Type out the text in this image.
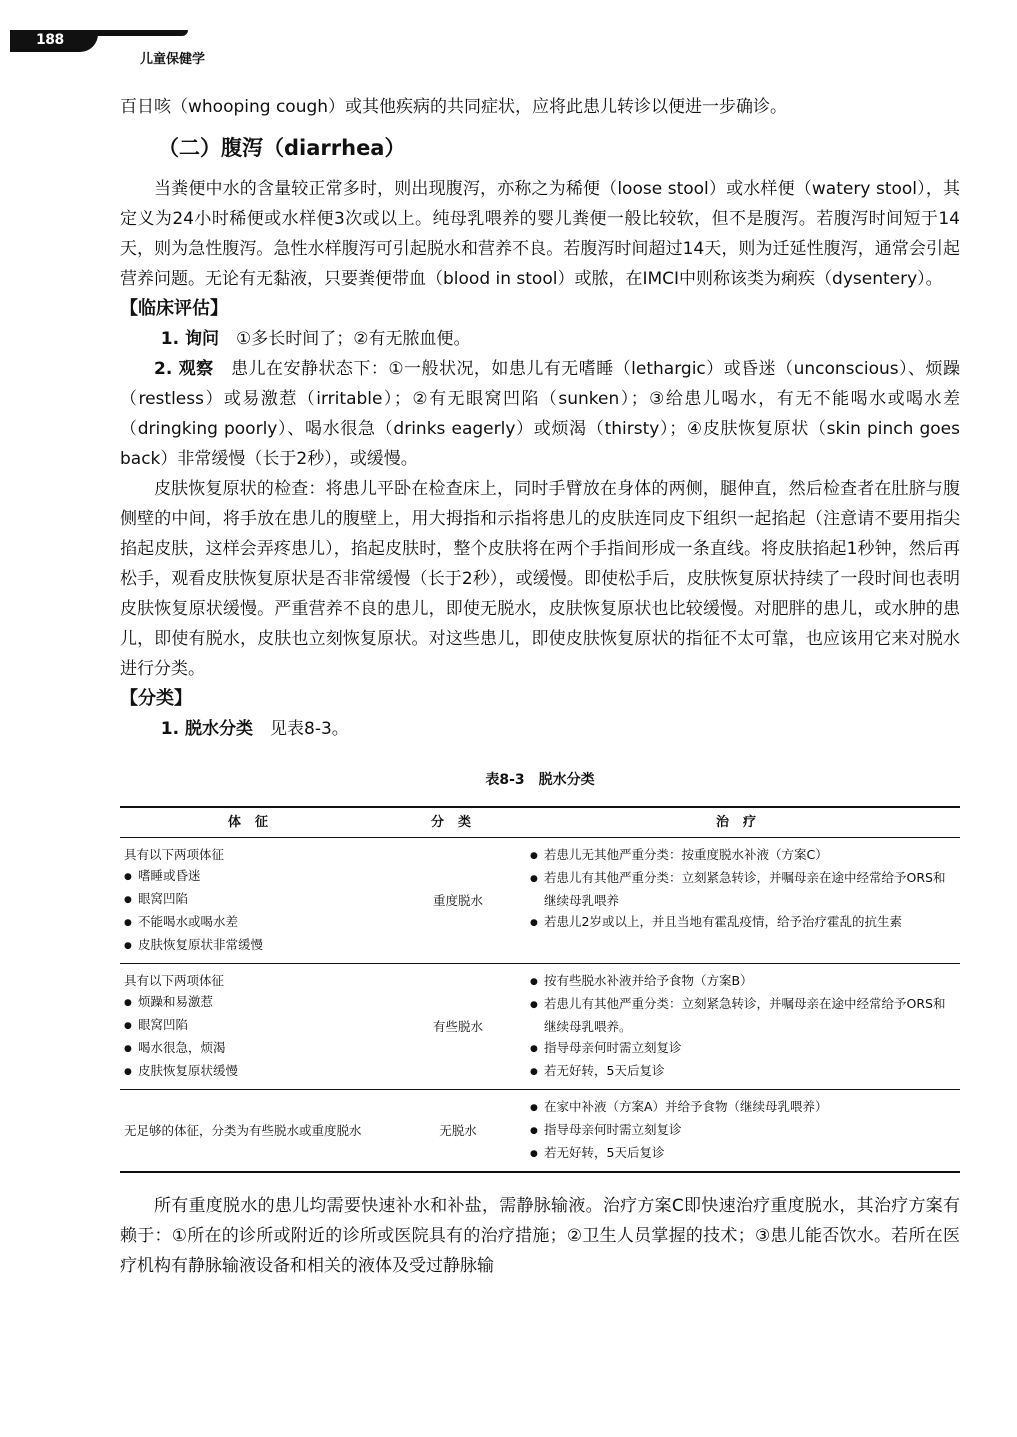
188
儿童保健学

百日咳（whooping cough）或其他疾病的共同症状，应将此患儿转诊以便进一步确诊。

（二）腹泻（diarrhea）

当粪便中水的含量较正常多时，则出现腹泻，亦称之为稀便（loose stool）或水样便（watery stool），其定义为24小时稀便或水样便3次或以上。纯母乳喂养的婴儿粪便一般比较软，但不是腹泻。若腹泻时间短于14天，则为急性腹泻。急性水样腹泻可引起脱水和营养不良。若腹泻时间超过14天，则为迁延性腹泻，通常会引起营养问题。无论有无黏液，只要粪便带血（blood in stool）或脓，在IMCI中则称该类为痢疾（dysentery）。

【临床评估】

1. 询问　 ①多长时间了；②有无脓血便。

2. 观察　 患儿在安静状态下：①一般状况，如患儿有无嗜睡（lethargic）或昏迷（unconscious）、烦躁（restless）或易激惹（irritable）；②有无眼窝凹陷（sunken）；③给患儿喝水，有无不能喝水或喝水差（dringking poorly）、喝水很急（drinks eagerly）或烦渴（thirsty）；④皮肤恢复原状（skin pinch goes back）非常缓慢（长于2秒），或缓慢。

皮肤恢复原状的检查：将患儿平卧在检查床上，同时手臂放在身体的两侧，腿伸直，然后检查者在肚脐与腹侧壁的中间，将手放在患儿的腹壁上，用大拇指和示指将患儿的皮肤连同皮下组织一起掐起（注意请不要用指尖掐起皮肤，这样会弄疼患儿），掐起皮肤时，整个皮肤将在两个手指间形成一条直线。将皮肤掐起1秒钟，然后再松手，观看皮肤恢复原状是否非常缓慢（长于2秒），或缓慢。即使松手后，皮肤恢复原状持续了一段时间也表明皮肤恢复原状缓慢。严重营养不良的患儿，即使无脱水，皮肤恢复原状也比较缓慢。对肥胖的患儿，或水肿的患儿，即使有脱水，皮肤也立刻恢复原状。对这些患儿，即使皮肤恢复原状的指征不太可靠，也应该用它来对脱水进行分类。

【分类】

1. 脱水分类　 见表8-3。

表8-3　脱水分类
体征	分类	治疗
具有以下两项体征

● 嗜睡或昏迷
● 眼窝凹陷
● 不能喝水或喝水差
● 皮肤恢复原状非常缓慢	重度脱水	● 若患儿无其他严重分类：按重度脱水补液（方案C）
● 若患儿有其他严重分类：立刻紧急转诊，并嘱母亲在途中经常给予ORS和继续母乳喂养
● 若患儿2岁或以上，并且当地有霍乱疫情，给予治疗霍乱的抗生素

具有以下两项体征

● 烦躁和易激惹
● 眼窝凹陷
● 喝水很急，烦渴
● 皮肤恢复原状缓慢	有些脱水	● 按有些脱水补液并给予食物（方案B）
● 若患儿有其他严重分类：立刻紧急转诊，并嘱母亲在途中经常给予ORS和继续母乳喂养。
● 指导母亲何时需立刻复诊
● 若无好转，5天后复诊

无足够的体征，分类为有些脱水或重度脱水	无脱水	● 在家中补液（方案A）并给予食物（继续母乳喂养）
● 指导母亲何时需立刻复诊
● 若无好转，5天后复诊

所有重度脱水的患儿均需要快速补水和补盐，需静脉输液。治疗方案C即快速治疗重度脱水，其治疗方案有赖于：①所在的诊所或附近的诊所或医院具有的治疗措施；②卫生人员掌握的技术；③患儿能否饮水。若所在医疗机构有静脉输液设备和相关的液体及受过静脉输
